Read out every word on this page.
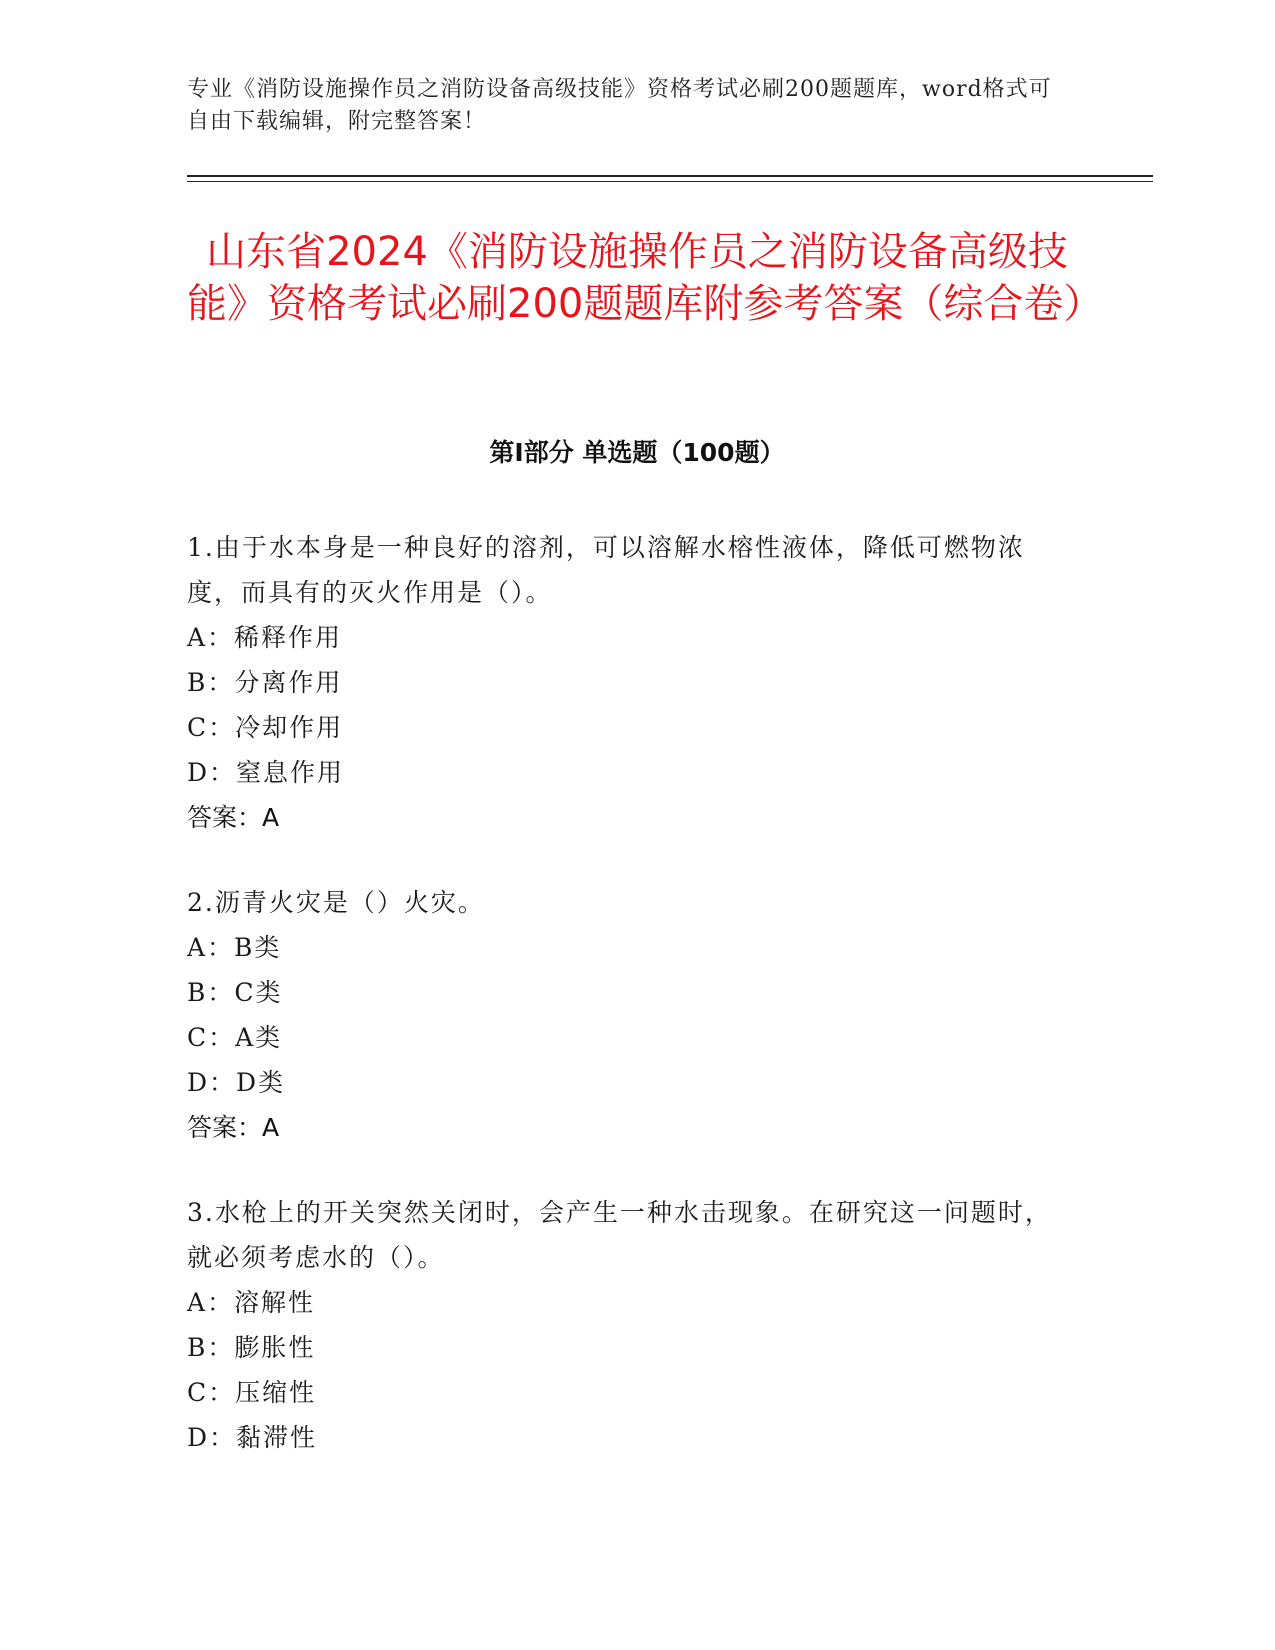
专业《消防设施操作员之消防设备高级技能》资格考试必刷200题题库，word格式可自由下载编辑，附完整答案！
山东省2024《消防设施操作员之消防设备高级技能》资格考试必刷200题题库附参考答案（综合卷）
第Ⅰ部分 单选题（100题）

1.由于水本身是一种良好的溶剂，可以溶解水榕性液体，降低可燃物浓度，而具有的灭火作用是（）。

A：稀释作用

B：分离作用

C：冷却作用

D：窒息作用

答案：A

2.沥青火灾是（）火灾。

A：B类

B：C类

C：A类

D：D类

答案：A

3.水枪上的开关突然关闭时，会产生一种水击现象。在研究这一问题时，就必须考虑水的（）。

A：溶解性

B：膨胀性

C：压缩性

D：黏滞性
